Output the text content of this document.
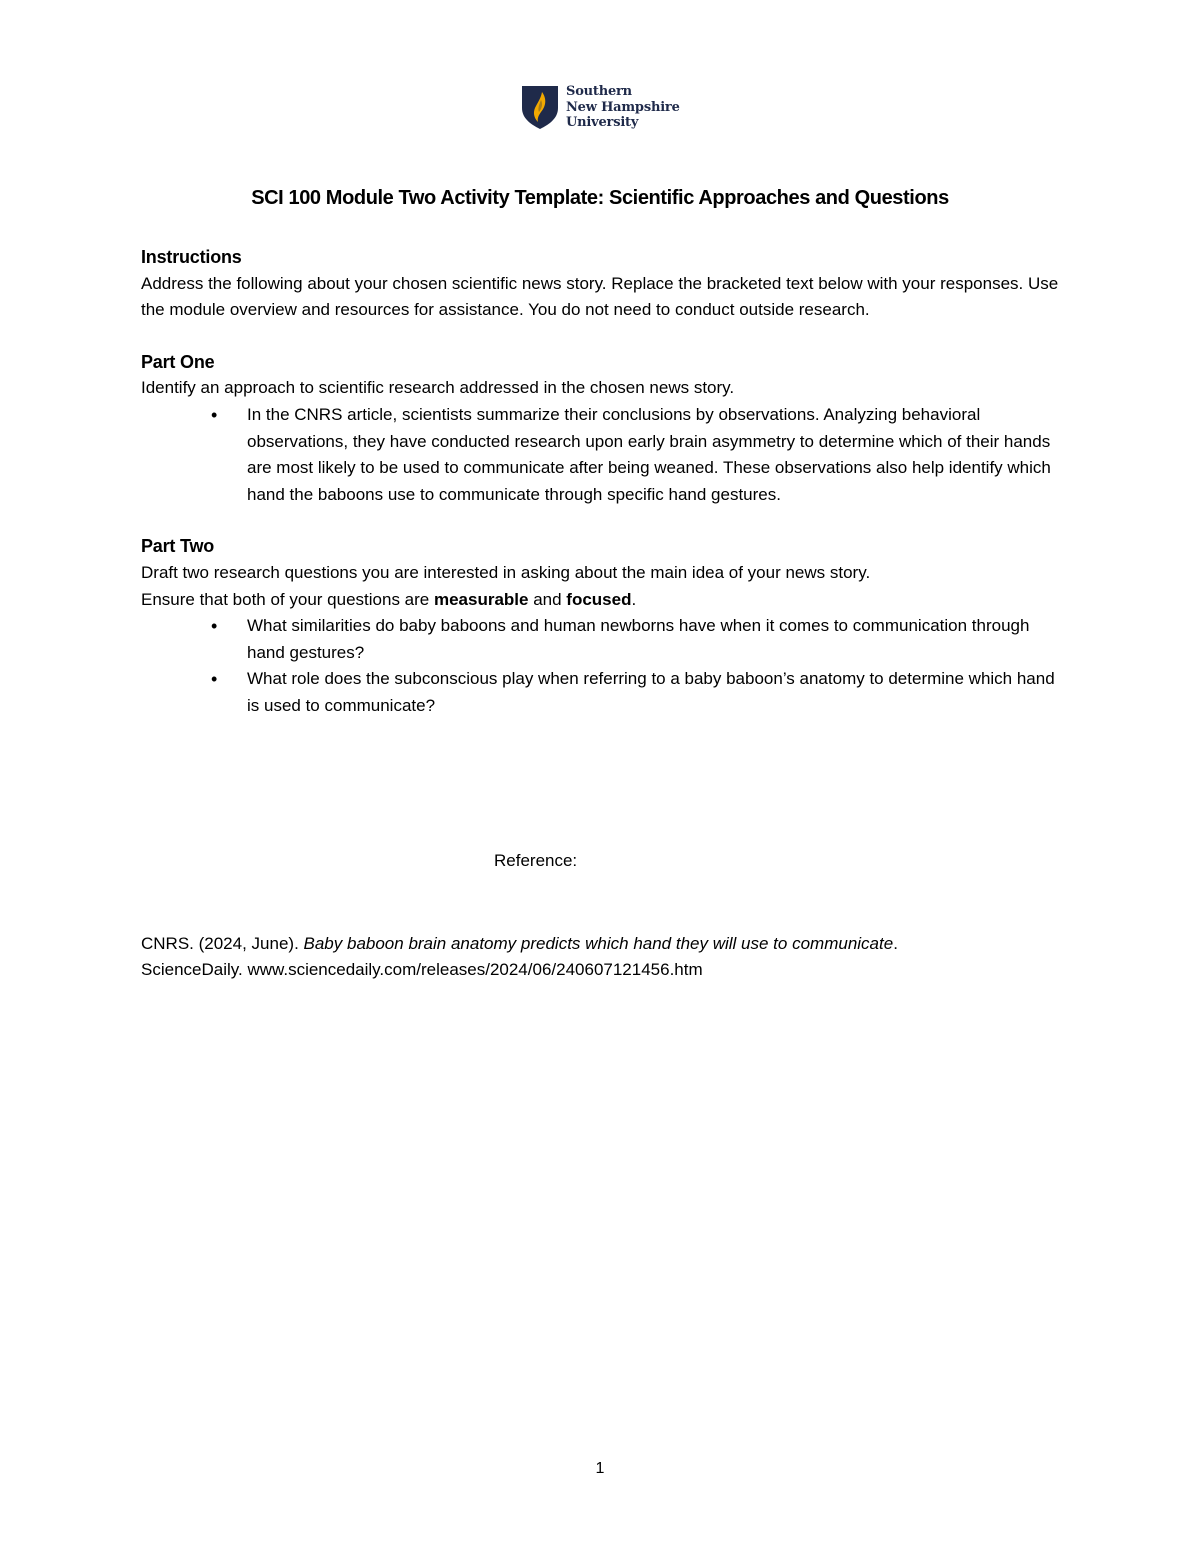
Southern
New Hampshire
University
SCI 100 Module Two Activity Template: Scientific Approaches and Questions
Instructions

Address the following about your chosen scientific news story. Replace the bracketed text below with your responses. Use the module overview and resources for assistance. You do not need to conduct outside research.

Part One

Identify an approach to scientific research addressed in the chosen news story.

• In the CNRS article, scientists summarize their conclusions by observations. Analyzing behavioral observations, they have conducted research upon early brain asymmetry to determine which of their hands are most likely to be used to communicate after being weaned. These observations also help identify which hand the baboons use to communicate through specific hand gestures.
Part Two

Draft two research questions you are interested in asking about the main idea of your news story.

Ensure that both of your questions are measurable and focused.

• What similarities do baby baboons and human newborns have when it comes to communication through hand gestures?
• What role does the subconscious play when referring to a baby baboon’s anatomy to determine which hand is used to communicate?
Reference:
CNRS. (2024, June). Baby baboon brain anatomy predicts which hand they will use to communicate.
ScienceDaily. www.sciencedaily.com/releases/2024/06/240607121456.htm
1
